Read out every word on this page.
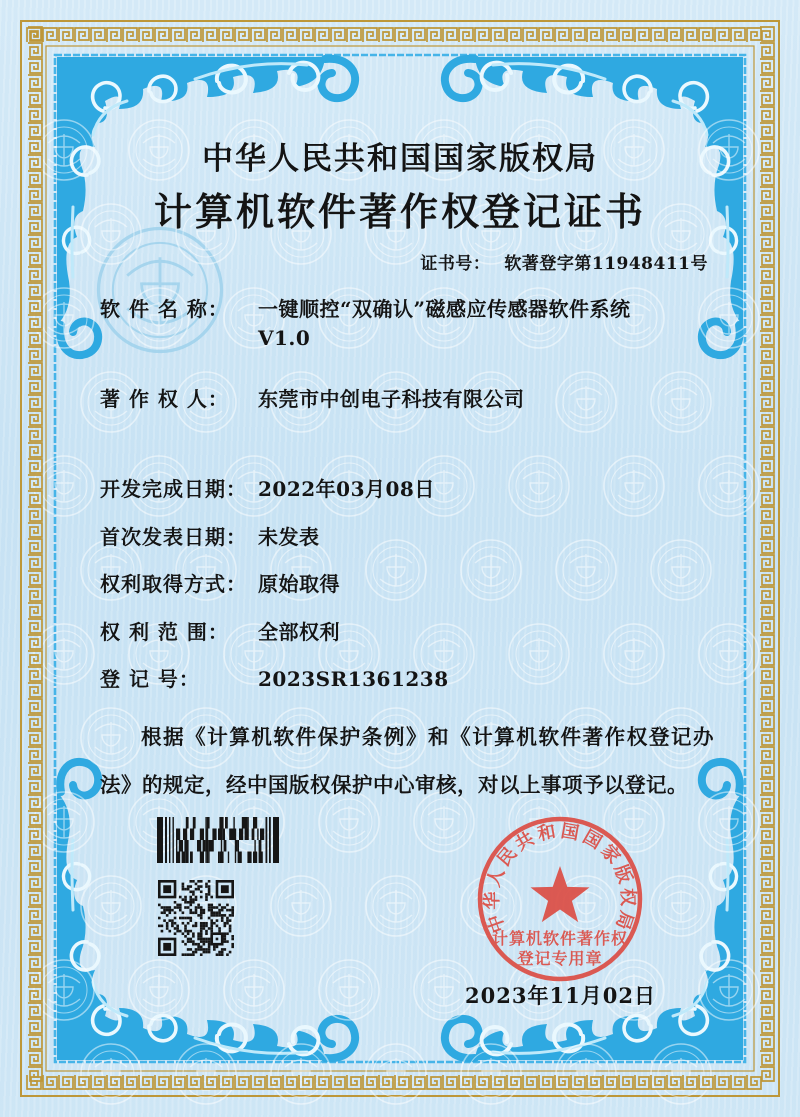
中华人民共和国国家版权局
计算机软件著作权登记证书
证书号： 软著登字第11948411号
软 件 名 称： 一键顺控“双确认”磁感应传感器软件系统
V1.0
著 作 权 人： 东莞市中创电子科技有限公司
开发完成日期： 2022年03月08日
首次发表日期： 未发表
权利取得方式： 原始取得
权 利 范 围： 全部权利
登 记 号：	2023SR1361238
根据《计算机软件保护条例》和《计算机软件著作权登记办法》的规定，经中国版权保护中心审核，对以上事项予以登记。
中华人民共和国国家版权局
计算机软件著作权
登记专用章
2023年11月02日
